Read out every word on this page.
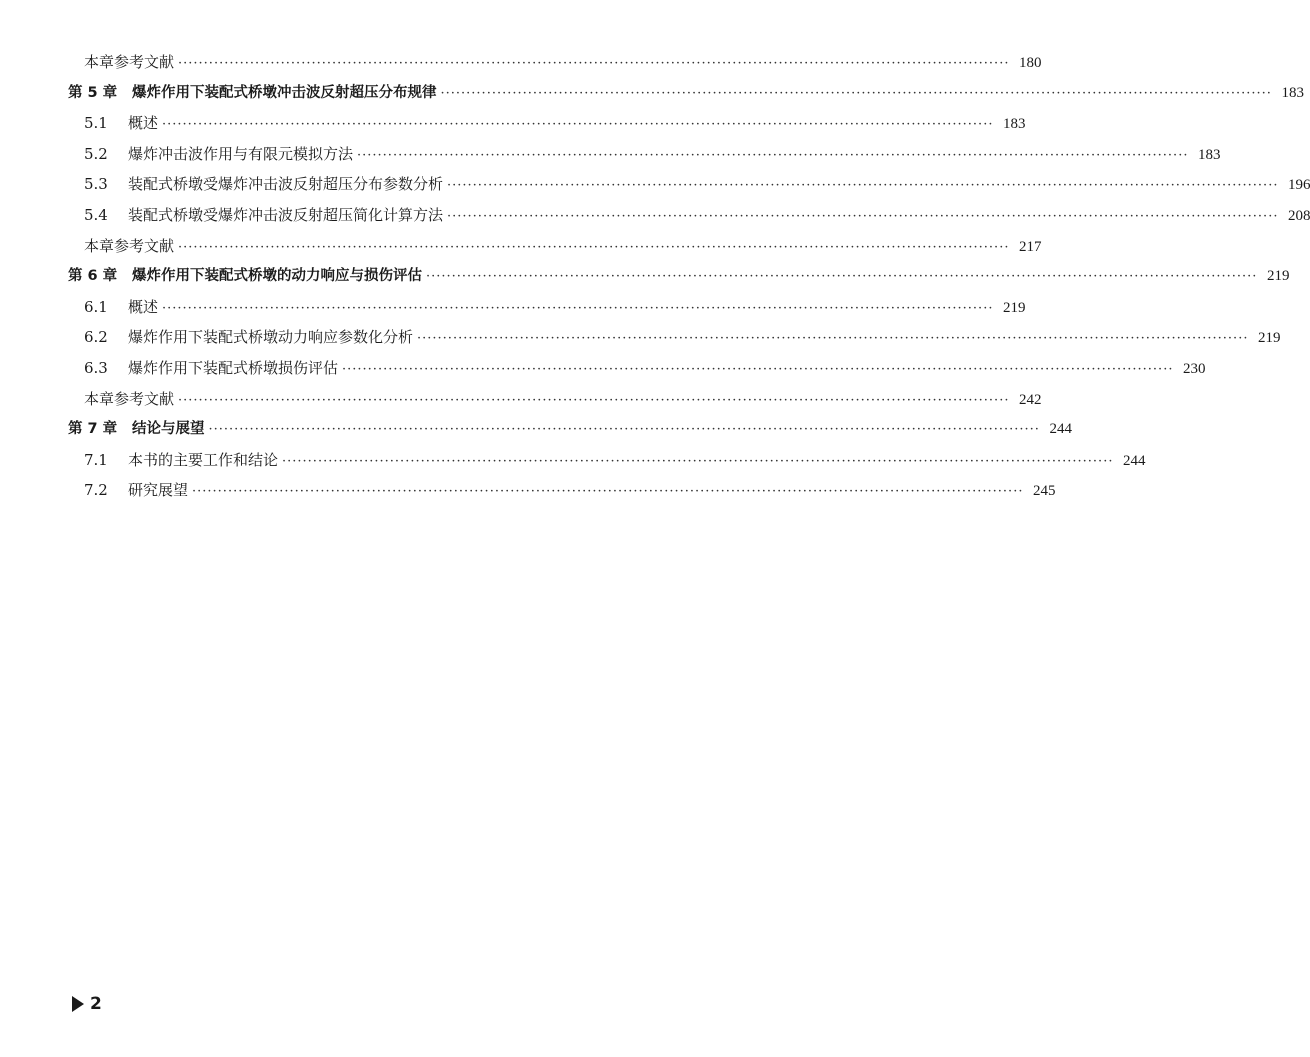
本章参考文献 ·····	180
第 5 章	爆炸作用下装配式桥墩冲击波反射超压分布规律 ·····	183
5.1	概述 ·····	183
5.2	爆炸冲击波作用与有限元模拟方法 ·····	183
5.3	装配式桥墩受爆炸冲击波反射超压分布参数分析 ·····	196
5.4	装配式桥墩受爆炸冲击波反射超压简化计算方法 ·····	208
本章参考文献 ·····	217
第 6 章	爆炸作用下装配式桥墩的动力响应与损伤评估 ·····	219
6.1	概述 ·····	219
6.2	爆炸作用下装配式桥墩动力响应参数化分析 ·····	219
6.3	爆炸作用下装配式桥墩损伤评估 ·····	230
本章参考文献 ·····	242
第 7 章	结论与展望 ·····	244
7.1	本书的主要工作和结论 ·····	244
7.2	研究展望 ·····	245
2
